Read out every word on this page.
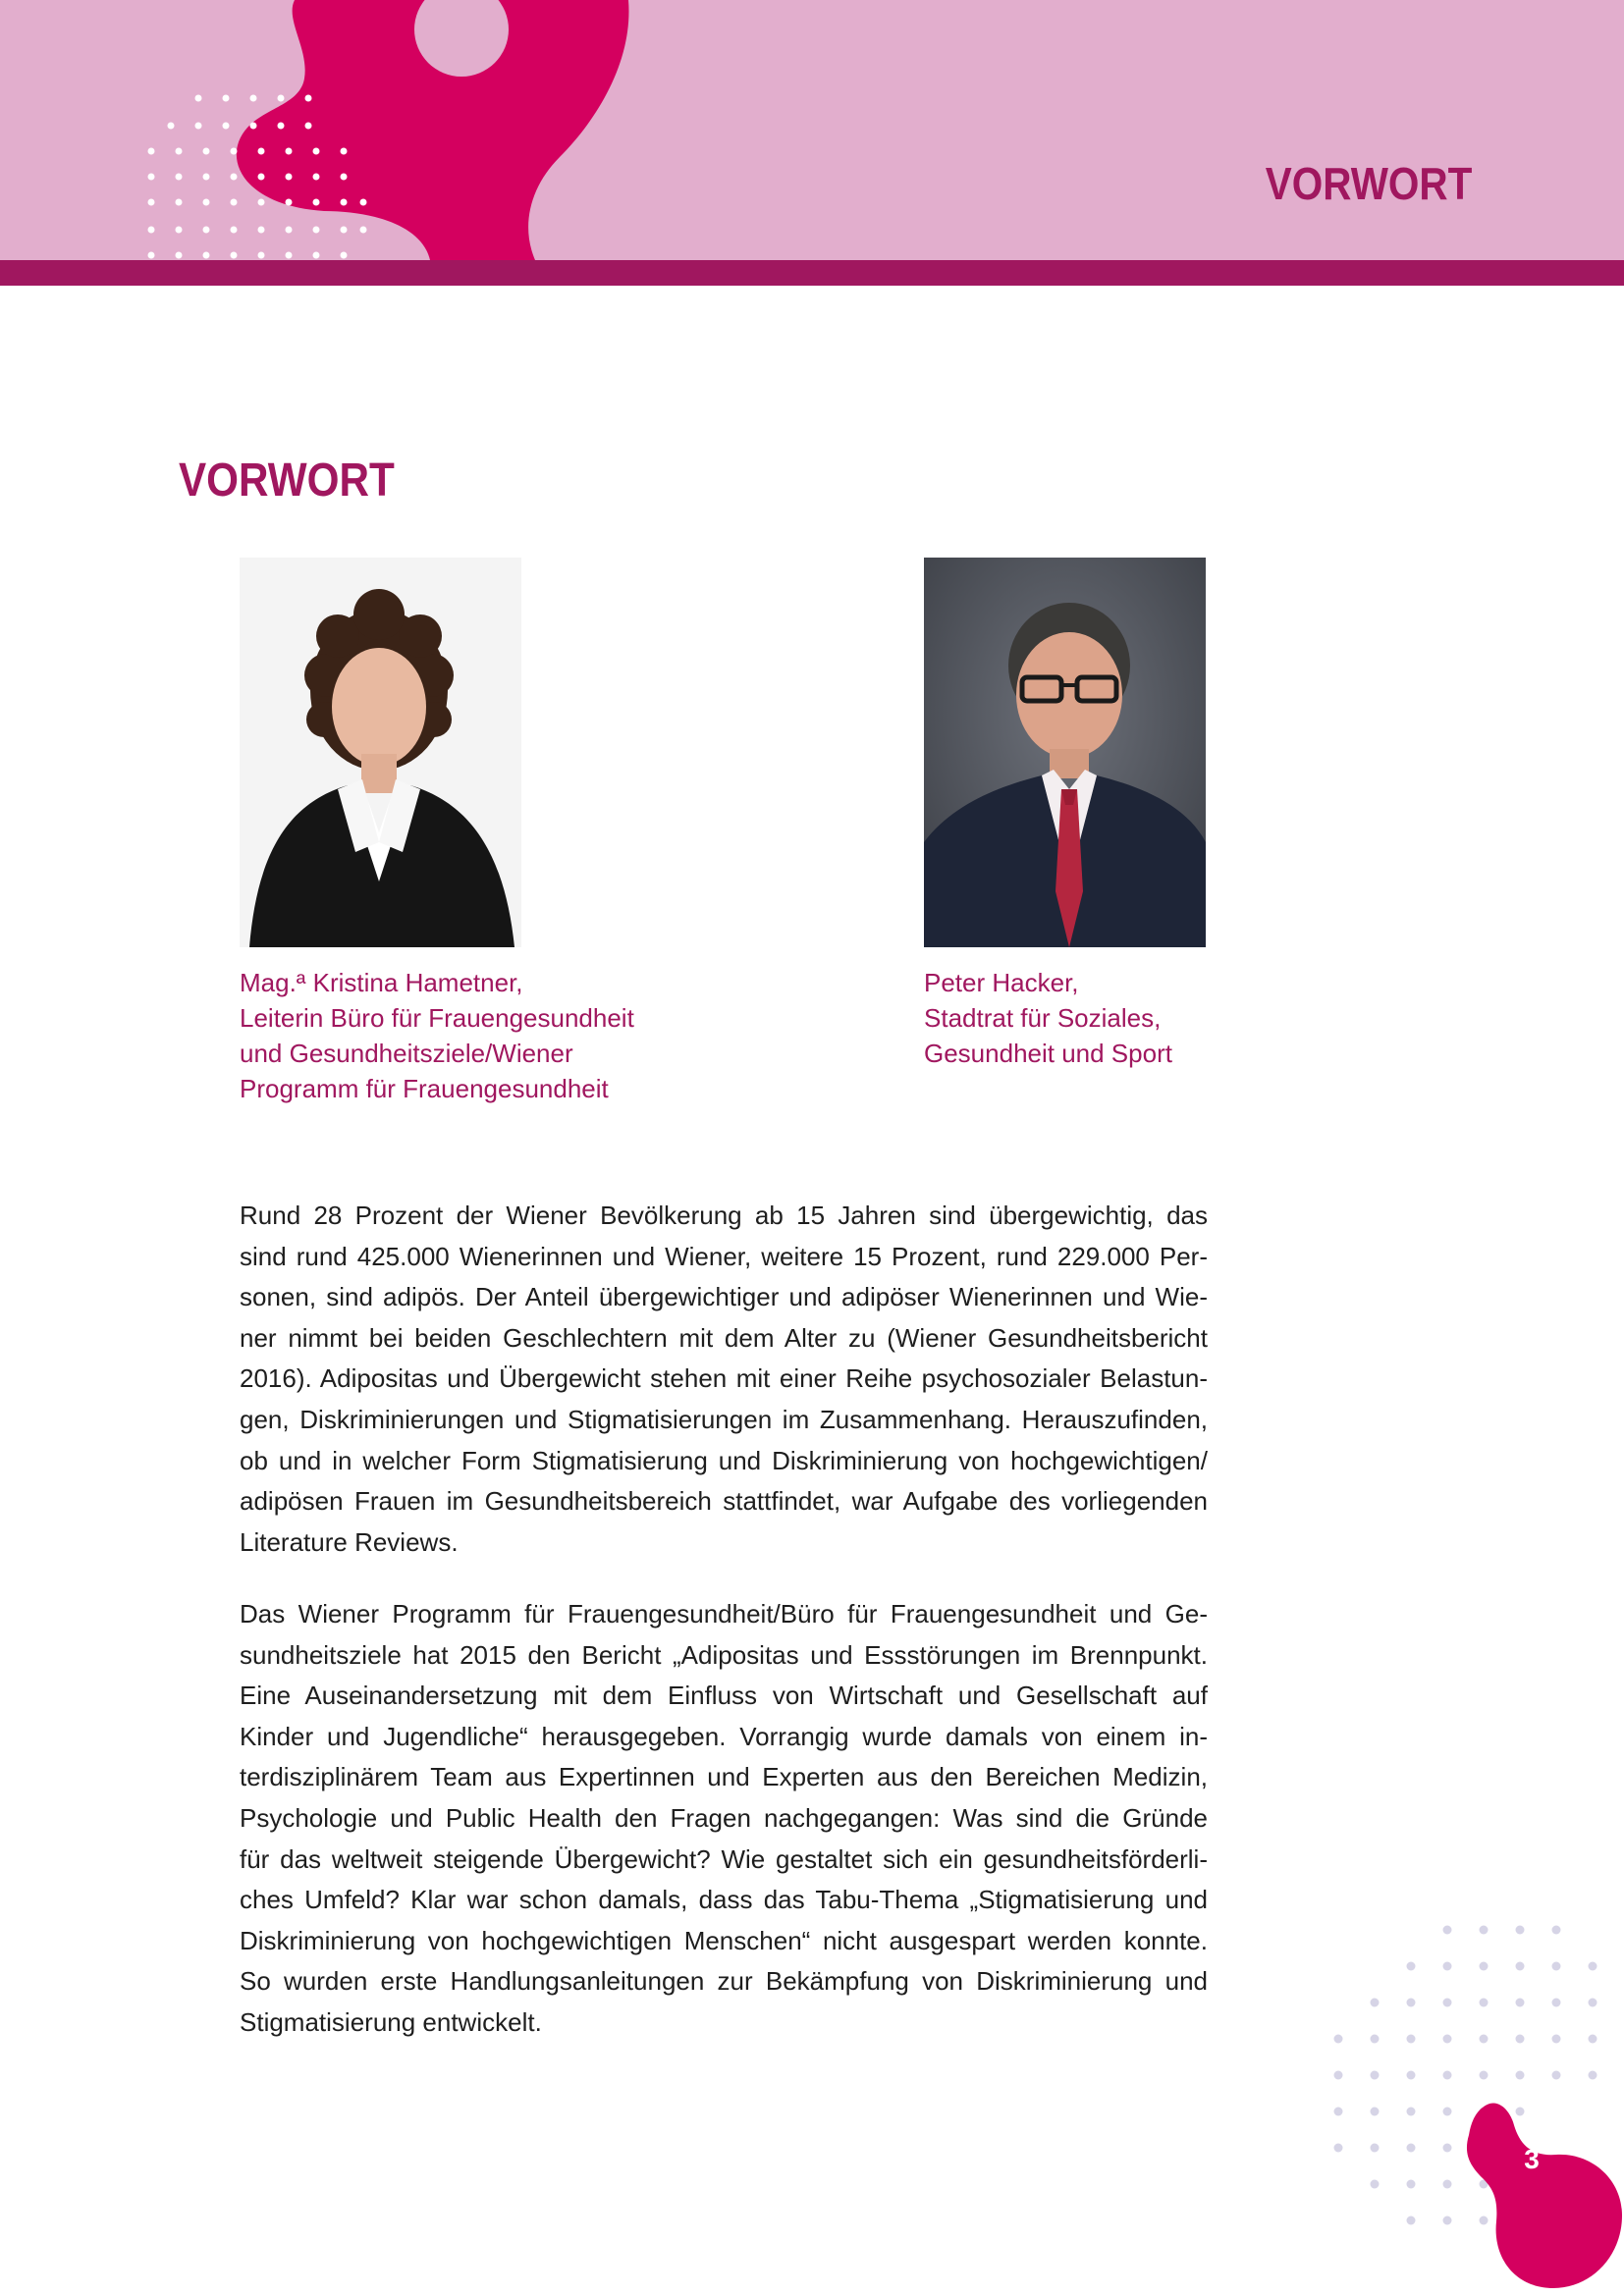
VORWORT
VORWORT
Mag.ª Kristina Hametner,
Leiterin Büro für Frauengesundheit
und Gesundheitsziele/Wiener
Programm für Frauengesundheit
Peter Hacker,
Stadtrat für Soziales,
Gesundheit und Sport
Rund 28 Prozent der Wiener Bevölkerung ab 15 Jahren sind übergewichtig, das
sind rund 425.000 Wienerinnen und Wiener, weitere 15 Prozent, rund 229.000 Per-
sonen, sind adipös. Der Anteil übergewichtiger und adipöser Wienerinnen und Wie-
ner nimmt bei beiden Geschlechtern mit dem Alter zu (Wiener Gesundheitsbericht
2016). Adipositas und Übergewicht stehen mit einer Reihe psychosozialer Belastun-
gen, Diskriminierungen und Stigmatisierungen im Zusammenhang. Herauszufinden,
ob und in welcher Form Stigmatisierung und Diskriminierung von hochgewichtigen/
adipösen Frauen im Gesundheitsbereich stattfindet, war Aufgabe des vorliegenden
Literature Reviews.
Das Wiener Programm für Frauengesundheit/Büro für Frauengesundheit und Ge-
sundheitsziele hat 2015 den Bericht „Adipositas und Essstörungen im Brennpunkt.
Eine Auseinandersetzung mit dem Einfluss von Wirtschaft und Gesellschaft auf
Kinder und Jugendliche“ herausgegeben. Vorrangig wurde damals von einem in-
terdisziplinärem Team aus Expertinnen und Experten aus den Bereichen Medizin,
Psychologie und Public Health den Fragen nachgegangen: Was sind die Gründe
für das weltweit steigende Übergewicht? Wie gestaltet sich ein gesundheitsförderli-
ches Umfeld? Klar war schon damals, dass das Tabu-Thema „Stigmatisierung und
Diskriminierung von hochgewichtigen Menschen“ nicht ausgespart werden konnte.
So wurden erste Handlungsanleitungen zur Bekämpfung von Diskriminierung und
Stigmatisierung entwickelt.
3
